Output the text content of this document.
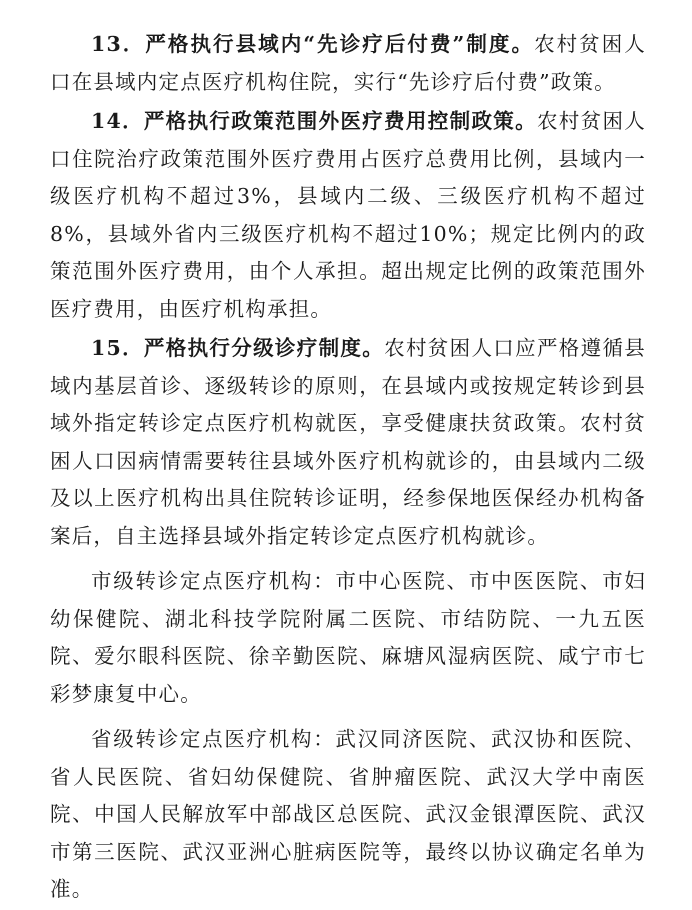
13．严格执行县域内“先诊疗后付费”制度。农村贫困人口在县域内定点医疗机构住院，实行“先诊疗后付费”政策。

14．严格执行政策范围外医疗费用控制政策。农村贫困人口住院治疗政策范围外医疗费用占医疗总费用比例，县域内一级医疗机构不超过3%，县域内二级、三级医疗机构不超过8%，县域外省内三级医疗机构不超过10%；规定比例内的政策范围外医疗费用，由个人承担。超出规定比例的政策范围外医疗费用，由医疗机构承担。

15．严格执行分级诊疗制度。农村贫困人口应严格遵循县域内基层首诊、逐级转诊的原则，在县域内或按规定转诊到县域外指定转诊定点医疗机构就医，享受健康扶贫政策。农村贫困人口因病情需要转往县域外医疗机构就诊的，由县域内二级及以上医疗机构出具住院转诊证明，经参保地医保经办机构备案后，自主选择县域外指定转诊定点医疗机构就诊。

市级转诊定点医疗机构：市中心医院、市中医医院、市妇幼保健院、湖北科技学院附属二医院、市结防院、一九五医院、爱尔眼科医院、徐辛勤医院、麻塘风湿病医院、咸宁市七彩梦康复中心。

省级转诊定点医疗机构：武汉同济医院、武汉协和医院、省人民医院、省妇幼保健院、省肿瘤医院、武汉大学中南医院、中国人民解放军中部战区总医院、武汉金银潭医院、武汉市第三医院、武汉亚洲心脏病医院等，最终以协议确定名单为准。
